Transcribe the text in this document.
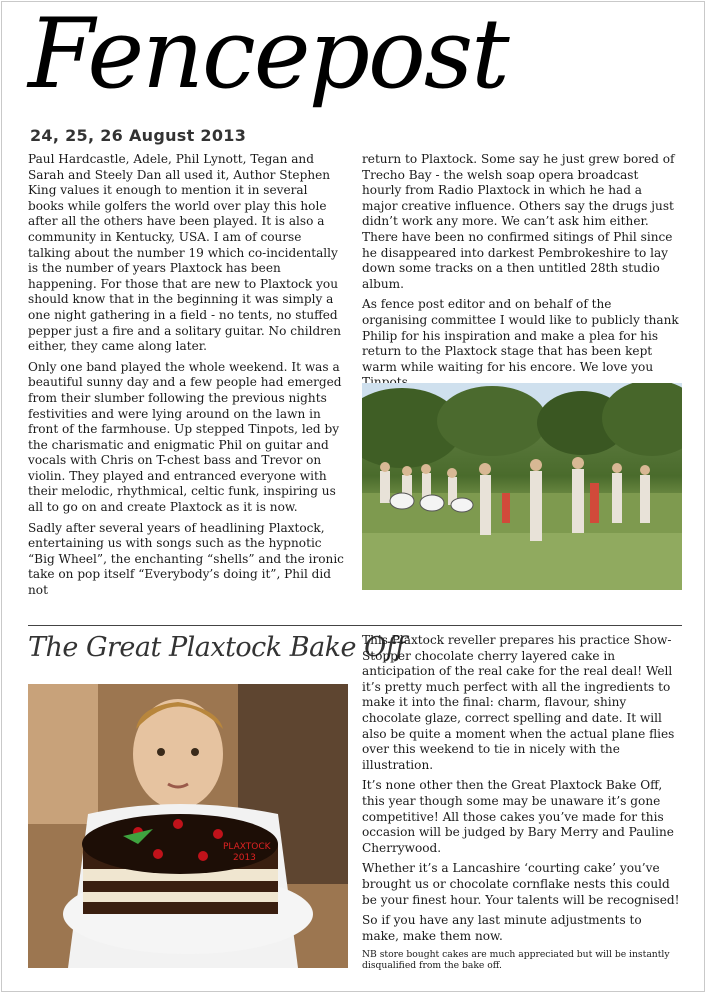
Fencepost
24, 25, 26 August 2013

Paul Hardcastle, Adele, Phil Lynott, Tegan and Sarah and Steely Dan all used it, Author Stephen King values it enough to mention it in several books while golfers the world over play this hole after all the others have been played. It is also a community in Kentucky, USA. I am of course talking about the number 19 which co-incidentally is the number of years Plaxtock has been happening. For those that are new to Plaxtock you should know that in the beginning it was simply a one night gathering in a field - no tents, no stuffed pepper just a fire and a solitary guitar. No children either, they came along later.

Only one band played the whole weekend. It was a beautiful sunny day and a few people had emerged from their slumber following the previous nights festivities and were lying around on the lawn in front of the farmhouse. Up stepped Tinpots, led by the charismatic and enigmatic Phil on guitar and vocals with Chris on T-chest bass and Trevor on violin. They played and entranced everyone with their melodic, rhythmical, celtic funk, inspiring us all to go on and create Plaxtock as it is now.

Sadly after several years of headlining Plaxtock, entertaining us with songs such as the hypnotic “Big Wheel”, the enchanting “shells” and the ironic take on pop itself “Everybody’s doing it”, Phil did not

return to Plaxtock. Some say he just grew bored of Trecho Bay - the welsh soap opera broadcast hourly from Radio Plaxtock in which he had a major creative influence. Others say the drugs just didn’t work any more. We can’t ask him either. There have been no confirmed sitings of Phil since he disappeared into darkest Pembrokeshire to lay down some tracks on a then untitled 28th studio album.

As fence post editor and on behalf of the organising committee I would like to publicly thank Philip for his inspiration and make a plea for his return to the Plaxtock stage that has been kept warm while waiting for his encore. We love you

The Great Plaxtock Bake Off
PLAXTOCK
2013

This Plaxtock reveller prepares his practice Show-Stopper chocolate cherry layered cake in anticipation of the real cake for the real deal! Well it’s pretty much perfect with all the ingredients to make it into the final: charm, flavour, shiny chocolate glaze, correct spelling and date. It will also be quite a moment when the actual plane flies over this weekend to tie in nicely with the illustration.

It’s none other then the Great Plaxtock Bake Off, this year though some may be unaware it’s gone competitive! All those cakes you’ve made for this occasion will be judged by Bary Merry and Pauline Cherrywood.

Whether it’s a Lancashire ‘courting cake’ you’ve brought us or chocolate cornflake nests this could be your finest hour. Your talents will be recognised!

So if you have any last minute adjustments to make, make them now.

NB store bought cakes are much appreciated but will be instantly disqualified from the bake off.
